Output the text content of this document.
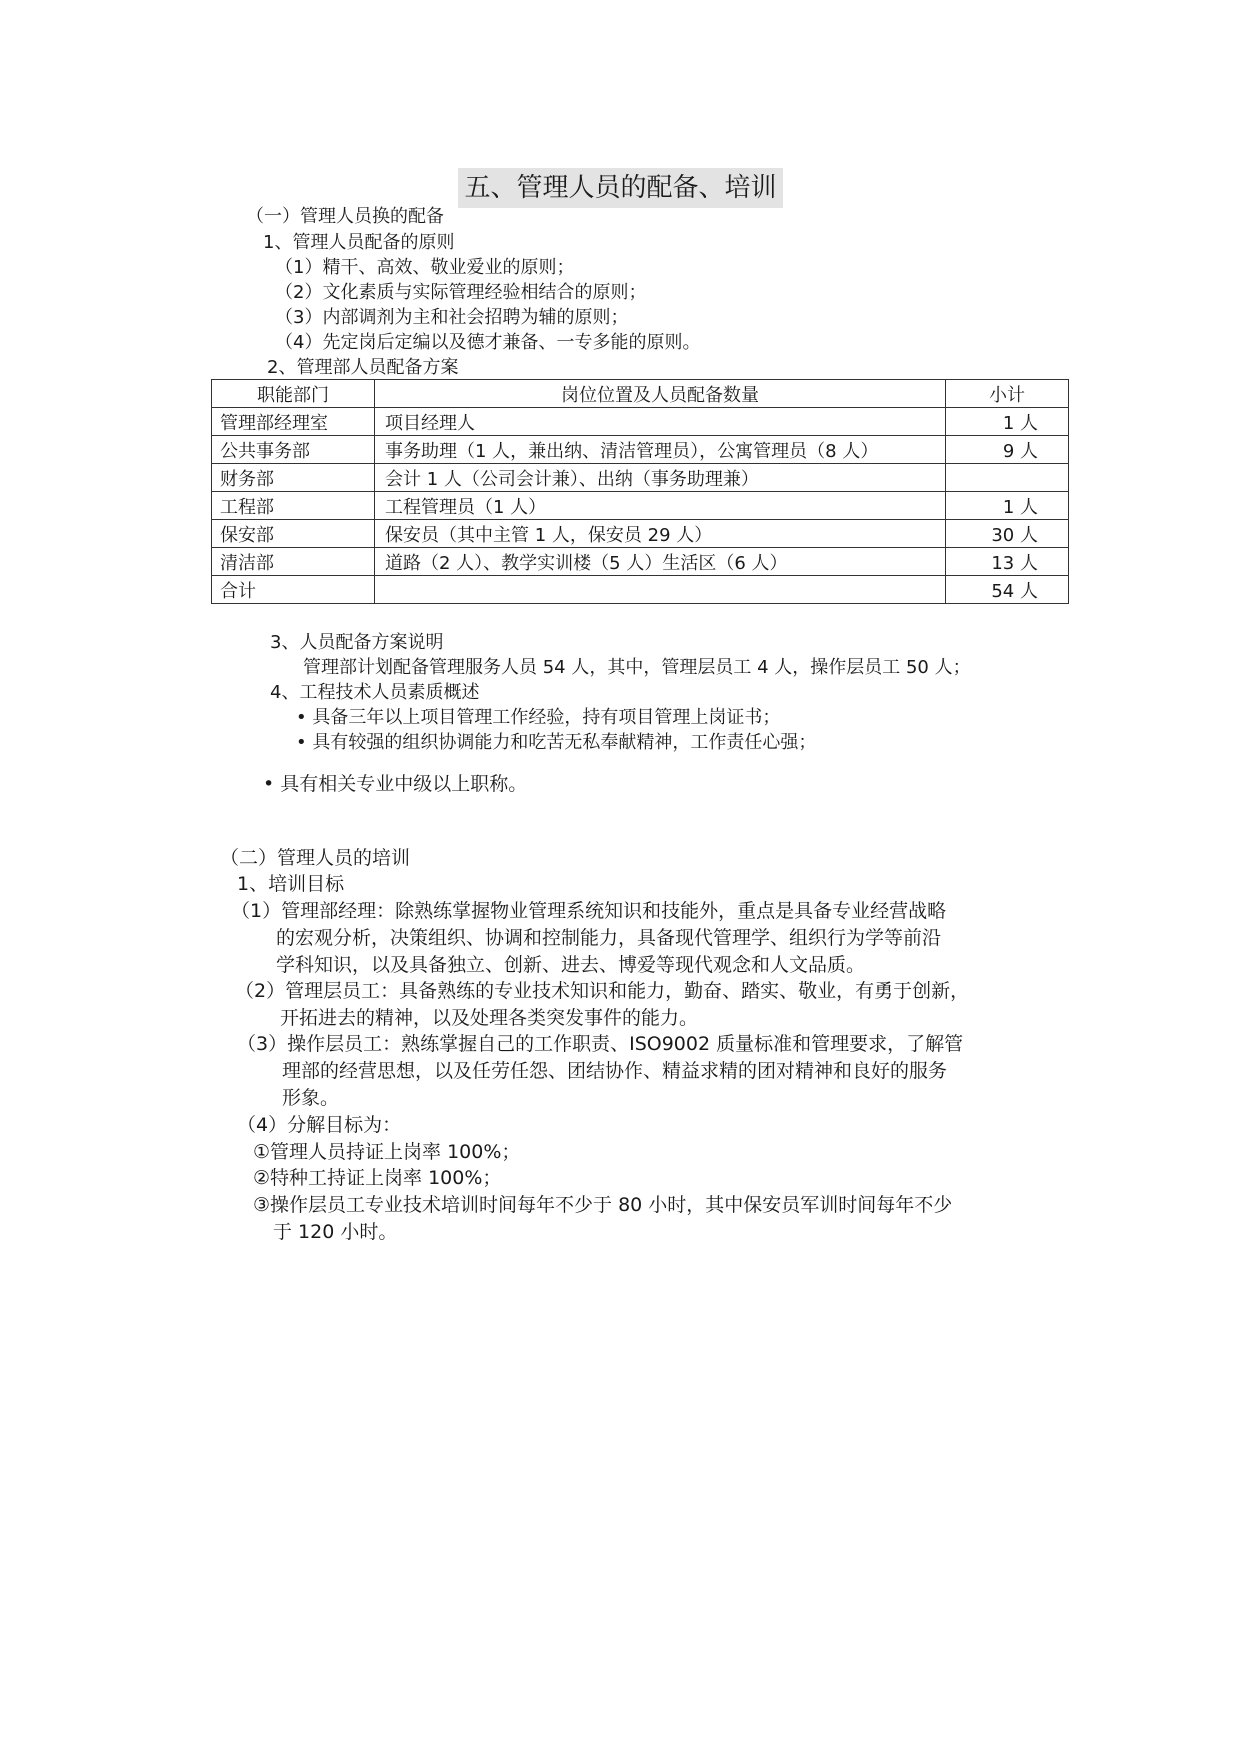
五、管理人员的配备、培训
（一）管理人员换的配备
1、管理人员配备的原则
（1）精干、高效、敬业爱业的原则；
（2）文化素质与实际管理经验相结合的原则；
（3）内部调剂为主和社会招聘为辅的原则；
（4）先定岗后定编以及德才兼备、一专多能的原则。
2、管理部人员配备方案
职能部门	岗位位置及人员配备数量	小计
管理部经理室	项目经理人	1 人
公共事务部	事务助理（1 人，兼出纳、清洁管理员），公寓管理员（8 人）	9 人
财务部	会计 1 人（公司会计兼）、出纳（事务助理兼）	
工程部	工程管理员（1 人）	1 人
保安部	保安员（其中主管 1 人，保安员 29 人）	30 人
清洁部	道路（2 人）、教学实训楼（5 人）生活区（6 人）	13 人
合计		54 人
3、人员配备方案说明
管理部计划配备管理服务人员 54 人，其中，管理层员工 4 人，操作层员工 50 人；
4、工程技术人员素质概述
• 具备三年以上项目管理工作经验，持有项目管理上岗证书；
• 具有较强的组织协调能力和吃苦无私奉献精神，工作责任心强；
• 具有相关专业中级以上职称。
（二）管理人员的培训
1、培训目标
（1）管理部经理：除熟练掌握物业管理系统知识和技能外，重点是具备专业经营战略
的宏观分析，决策组织、协调和控制能力，具备现代管理学、组织行为学等前沿
学科知识，以及具备独立、创新、进去、博爱等现代观念和人文品质。
（2）管理层员工：具备熟练的专业技术知识和能力，勤奋、踏实、敬业，有勇于创新，
开拓进去的精神，以及处理各类突发事件的能力。
（3）操作层员工：熟练掌握自己的工作职责、ISO9002 质量标准和管理要求，了解管
理部的经营思想，以及任劳任怨、团结协作、精益求精的团对精神和良好的服务
形象。
（4）分解目标为：
①管理人员持证上岗率 100%；
②特种工持证上岗率 100%；
③操作层员工专业技术培训时间每年不少于 80 小时，其中保安员军训时间每年不少
于 120 小时。
